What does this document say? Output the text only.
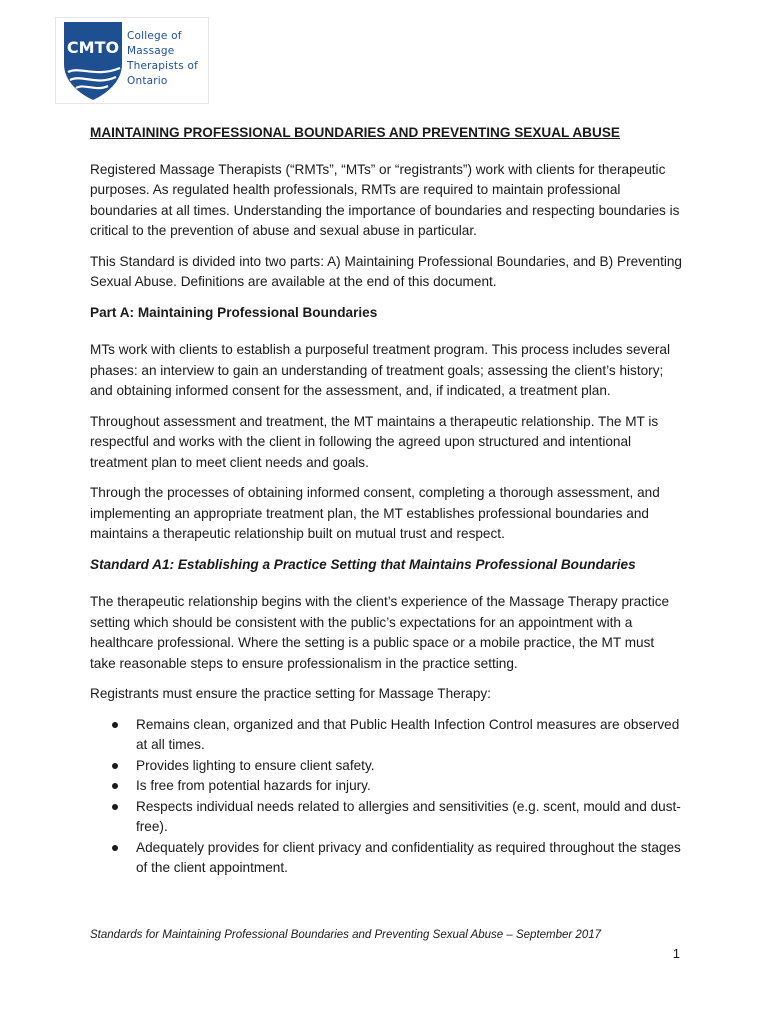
CMTO
College of
Massage
Therapists of
Ontario

MAINTAINING PROFESSIONAL BOUNDARIES AND PREVENTING SEXUAL ABUSE

Registered Massage Therapists (“RMTs”, “MTs” or “registrants”) work with clients for therapeutic purposes. As regulated health professionals, RMTs are required to maintain professional boundaries at all times. Understanding the importance of boundaries and respecting boundaries is critical to the prevention of abuse and sexual abuse in particular.

This Standard is divided into two parts: A) Maintaining Professional Boundaries, and B) Preventing Sexual Abuse. Definitions are available at the end of this document.

Part A: Maintaining Professional Boundaries

MTs work with clients to establish a purposeful treatment program. This process includes several phases: an interview to gain an understanding of treatment goals; assessing the client’s history; and obtaining informed consent for the assessment, and, if indicated, a treatment plan.

Throughout assessment and treatment, the MT maintains a therapeutic relationship. The MT is respectful and works with the client in following the agreed upon structured and intentional treatment plan to meet client needs and goals.

Through the processes of obtaining informed consent, completing a thorough assessment, and implementing an appropriate treatment plan, the MT establishes professional boundaries and maintains a therapeutic relationship built on mutual trust and respect.

Standard A1: Establishing a Practice Setting that Maintains Professional Boundaries

The therapeutic relationship begins with the client’s experience of the Massage Therapy practice setting which should be consistent with the public’s expectations for an appointment with a healthcare professional. Where the setting is a public space or a mobile practice, the MT must take reasonable steps to ensure professionalism in the practice setting.

Registrants must ensure the practice setting for Massage Therapy:

Remains clean, organized and that Public Health Infection Control measures are observed at all times.
Provides lighting to ensure client safety.
Is free from potential hazards for injury.
Respects individual needs related to allergies and sensitivities (e.g. scent, mould and dust-free).
Adequately provides for client privacy and confidentiality as required throughout the stages of the client appointment.
Standards for Maintaining Professional Boundaries and Preventing Sexual Abuse – September 2017
1
